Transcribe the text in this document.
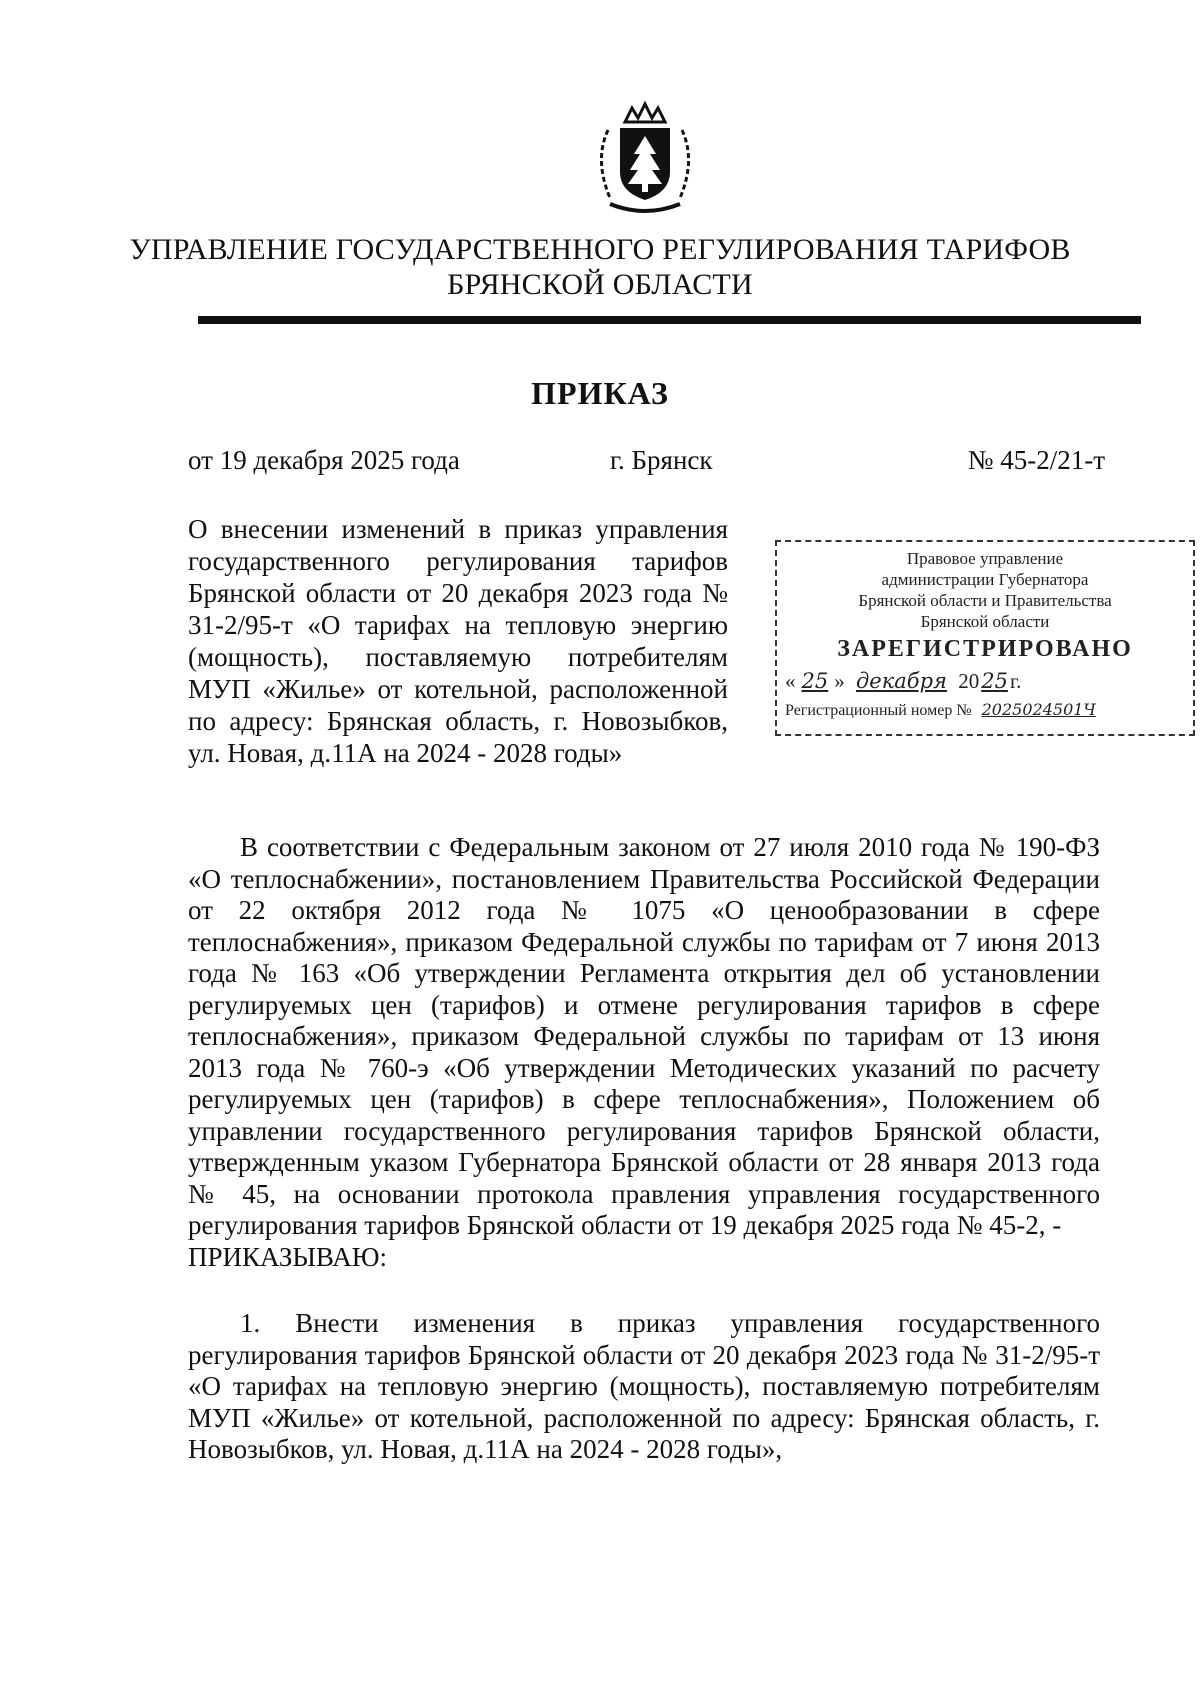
УПРАВЛЕНИЕ ГОСУДАРСТВЕННОГО РЕГУЛИРОВАНИЯ ТАРИФОВ
БРЯНСКОЙ ОБЛАСТИ
ПРИКАЗ
от 19 декабря 2025 года	г. Брянск	№ 45-2/21-т
О внесении изменений в приказ управления государственного регулирования тарифов Брянской области от 20 декабря 2023 года № 31-2/95-т «О тарифах на тепловую энергию (мощность), поставляемую потребителям МУП «Жилье» от котельной, расположенной по адресу: Брянская область, г. Новозыбков, ул. Новая, д.11А на 2024 - 2028 годы»
Правовое управление
администрации Губернатора
Брянской области и Правительства
Брянской области
ЗАРЕГИСТРИРОВАНО
« 25 » декабря 2025г.
Регистрационный номер № 2025024501Ч

В соответствии с Федеральным законом от 27 июля 2010 года № 190-ФЗ «О теплоснабжении», постановлением Правительства Российской Федерации от 22 октября 2012 года № 1075 «О ценообразовании в сфере теплоснабжения», приказом Федеральной службы по тарифам от 7 июня 2013 года № 163 «Об утверждении Регламента открытия дел об установлении регулируемых цен (тарифов) и отмене регулирования тарифов в сфере теплоснабжения», приказом Федеральной службы по тарифам от 13 июня 2013 года № 760-э «Об утверждении Методических указаний по расчету регулируемых цен (тарифов) в сфере теплоснабжения», Положением об управлении государственного регулирования тарифов Брянской области, утвержденным указом Губернатора Брянской области от 28 января 2013 года № 45, на основании протокола правления управления государственного регулирования тарифов Брянской области от 19 декабря 2025 года № 45-2, -

ПРИКАЗЫВАЮ:

1. Внести изменения в приказ управления государственного регулирования тарифов Брянской области от 20 декабря 2023 года № 31-2/95-т «О тарифах на тепловую энергию (мощность), поставляемую потребителям МУП «Жилье» от котельной, расположенной по адресу: Брянская область, г. Новозыбков, ул. Новая, д.11А на 2024 - 2028 годы»,
